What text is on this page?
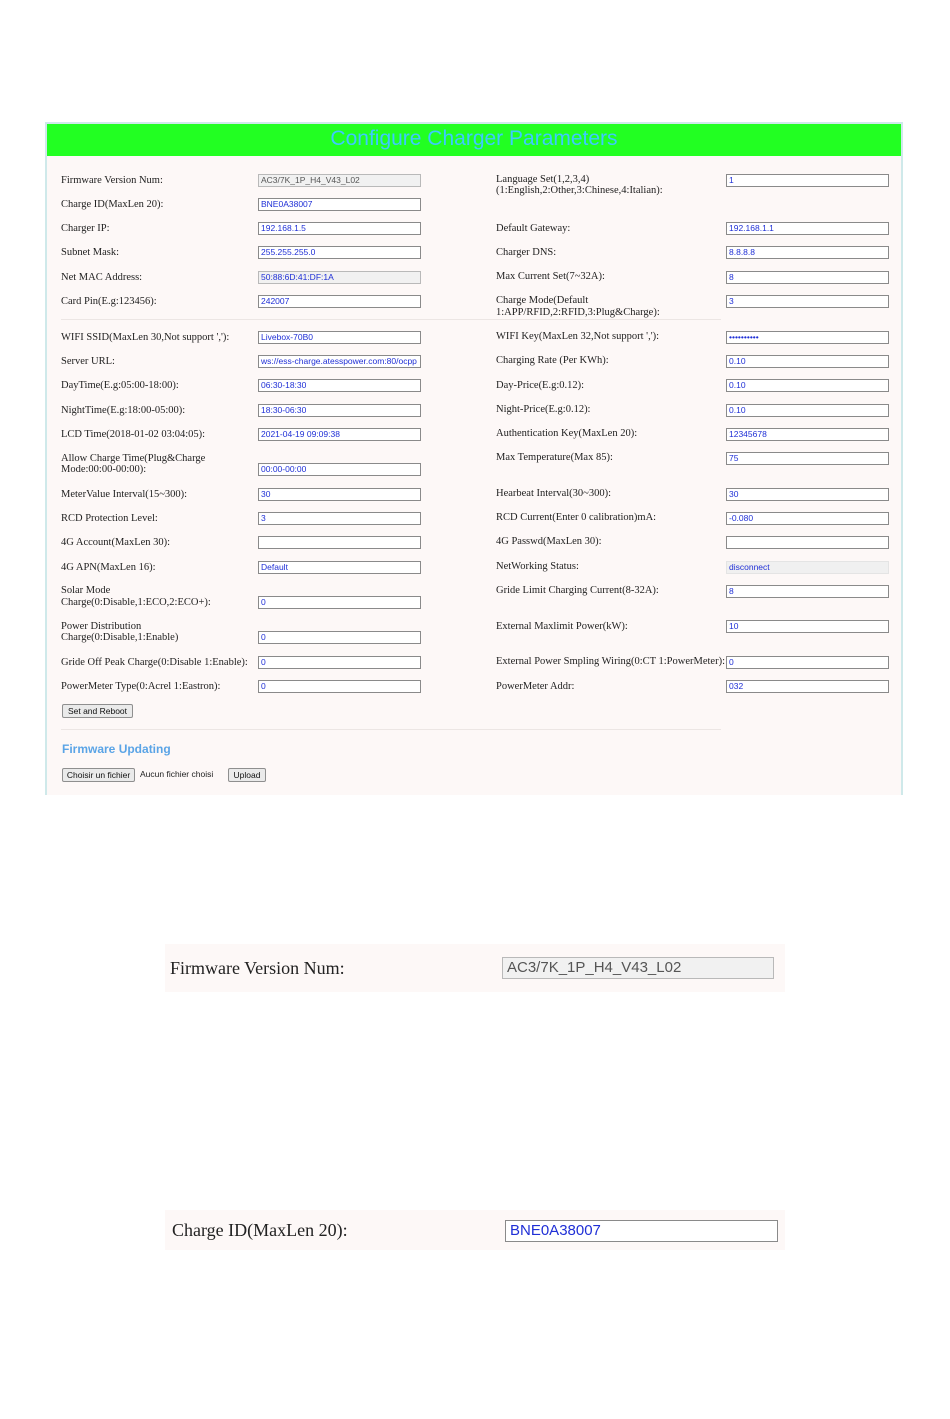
Configure Charger Parameters
Firmware Version Num:	AC3/7K_1P_H4_V43_L02
Charge ID(MaxLen 20):	BNE0A38007
Charger IP:	192.168.1.5
Subnet Mask:	255.255.255.0
Net MAC Address:	50:88:6D:41:DF:1A
Card Pin(E.g:123456):	242007
WIFI SSID(MaxLen 30,Not support ','):	Livebox-70B0
Server URL:	ws://ess-charge.atesspower.com:80/ocpp
DayTime(E.g:05:00-18:00):	06:30-18:30
NightTime(E.g:18:00-05:00):	18:30-06:30
LCD Time(2018-01-02 03:04:05):	2021-04-19 09:09:38
Allow Charge Time(Plug&Charge
Mode:00:00-00:00):	00:00-00:00
MeterValue Interval(15~300):	30
RCD Protection Level:	3
4G Account(MaxLen 30):
4G APN(MaxLen 16):	Default
Solar Mode
Charge(0:Disable,1:ECO,2:ECO+):	0
Power Distribution
Charge(0:Disable,1:Enable)	0
Gride Off Peak Charge(0:Disable 1:Enable):	0
PowerMeter Type(0:Acrel 1:Eastron):	0
Language Set(1,2,3,4)
(1:English,2:Other,3:Chinese,4:Italian):
1
Default Gateway:	192.168.1.1
Charger DNS:	8.8.8.8
Max Current Set(7~32A):	8
Charge Mode(Default
1:APP/RFID,2:RFID,3:Plug&Charge):
3
WIFI Key(MaxLen 32,Not support ','):	••••••••••
Charging Rate (Per KWh):	0.10
Day-Price(E.g:0.12):	0.10
Night-Price(E.g:0.12):	0.10
Authentication Key(MaxLen 20):	12345678
Max Temperature(Max 85):	75
Hearbeat Interval(30~300):	30
RCD Current(Enter 0 calibration)mA:	-0.080
4G Passwd(MaxLen 30):
NetWorking Status:	disconnect
Gride Limit Charging Current(8-32A):	8
External Maxlimit Power(kW):	10
External Power Smpling Wiring(0:CT 1:PowerMeter): 0
PowerMeter Addr:	032
Set and Reboot
Firmware Updating
Choisir un fichier	Aucun fichier choisi	Upload
Firmware Version Num:	AC3/7K_1P_H4_V43_L02
Charge ID(MaxLen 20):	BNE0A38007
